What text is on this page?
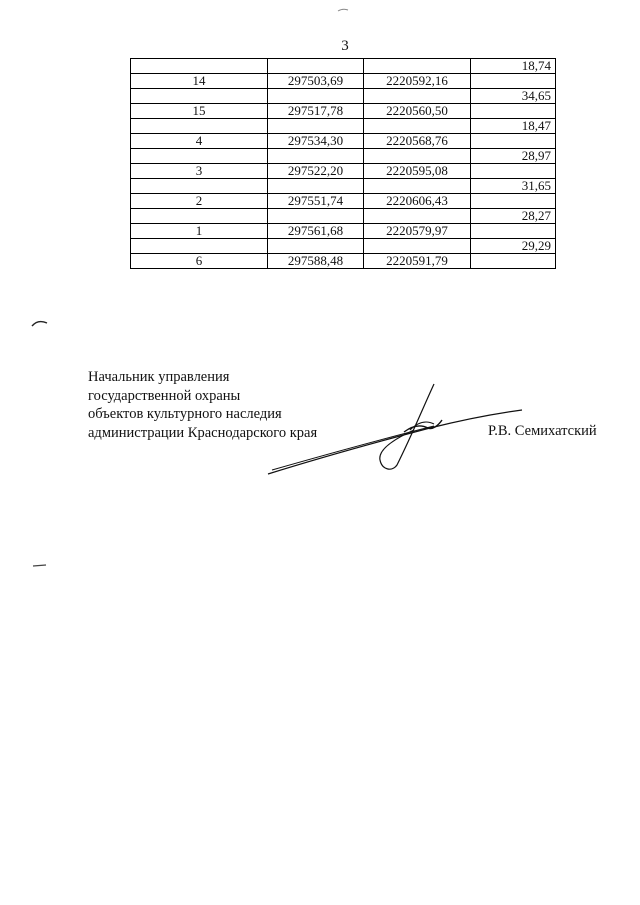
3
			18,74
14	297503,69	2220592,16	
			34,65
15	297517,78	2220560,50	
			18,47
4	297534,30	2220568,76	
			28,97
3	297522,20	2220595,08	
			31,65
2	297551,74	2220606,43	
			28,27
1	297561,68	2220579,97	
			29,29
6	297588,48	2220591,79	
Начальник управления
государственной охраны
объектов культурного наследия
администрации Краснодарского края	Р.В. Семихатский
